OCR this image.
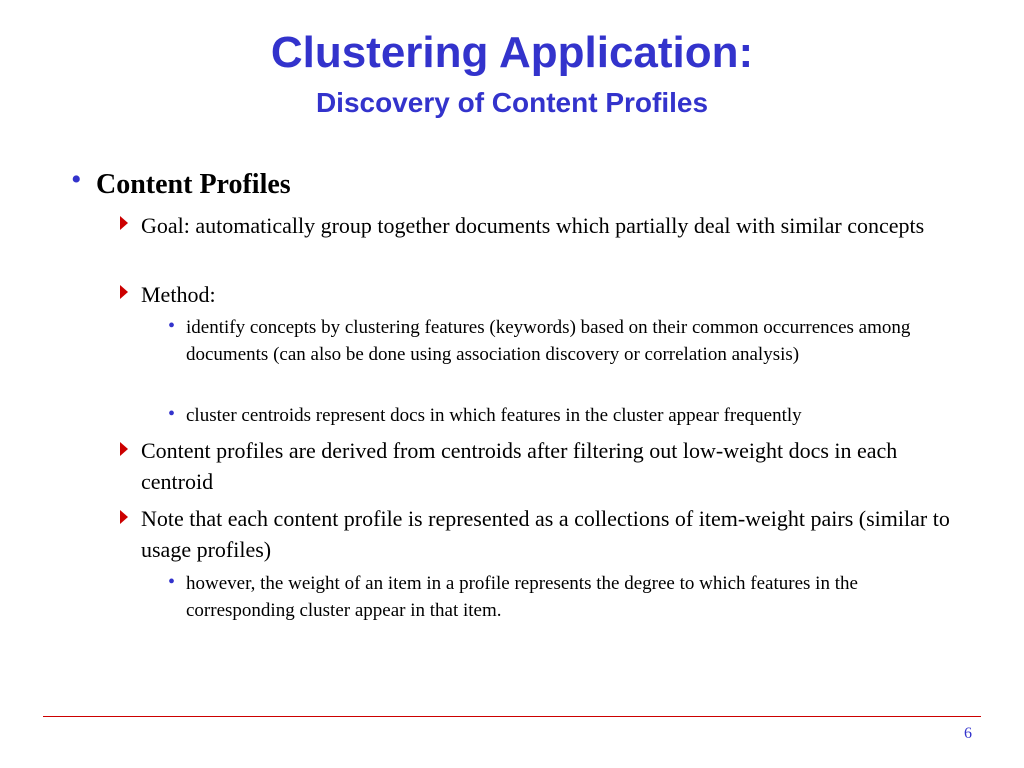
Clustering Application:
Discovery of Content Profiles
• Content Profiles
Goal: automatically group together documents which partially deal with similar concepts
Method:
• identify concepts by clustering features (keywords) based on their common occurrences among documents (can also be done using association discovery or correlation analysis)
• cluster centroids represent docs in which features in the cluster appear frequently
Content profiles are derived from centroids after filtering out low-weight docs in each centroid
Note that each content profile is represented as a collections of item-weight pairs (similar to usage profiles)
• however, the weight of an item in a profile represents the degree to which features in the corresponding cluster appear in that item.
6
